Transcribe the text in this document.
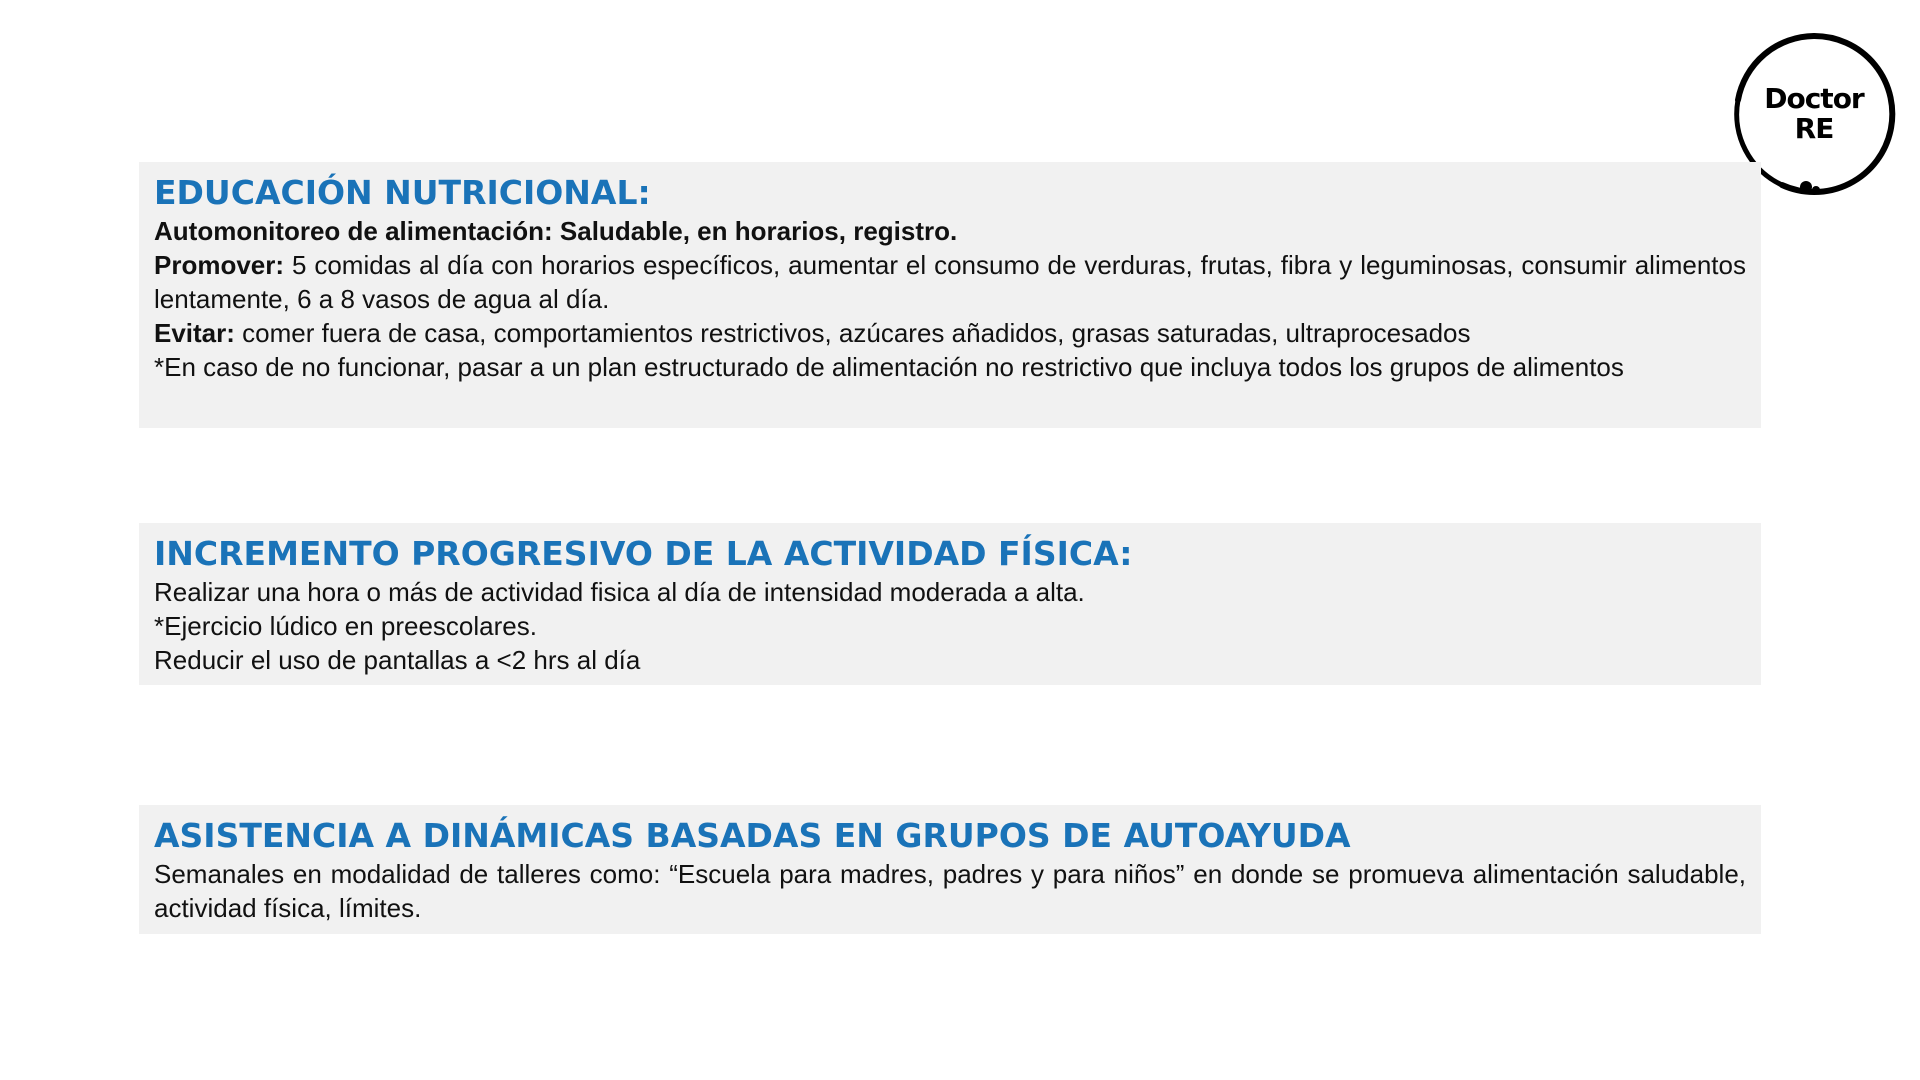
Doctor
RE
EDUCACIÓN NUTRICIONAL:

Automonitoreo de alimentación: Saludable, en horarios, registro.

Promover: 5 comidas al día con horarios específicos, aumentar el consumo de verduras, frutas, fibra y leguminosas, consumir alimentos lentamente, 6 a 8 vasos de agua al día.

Evitar: comer fuera de casa, comportamientos restrictivos, azúcares añadidos, grasas saturadas, ultraprocesados

*En caso de no funcionar, pasar a un plan estructurado de alimentación no restrictivo que incluya todos los grupos de alimentos

INCREMENTO PROGRESIVO DE LA ACTIVIDAD FÍSICA:

Realizar una hora o más de actividad fisica al día de intensidad moderada a alta.

*Ejercicio lúdico en preescolares.

Reducir el uso de pantallas a <2 hrs al día

ASISTENCIA A DINÁMICAS BASADAS EN GRUPOS DE AUTOAYUDA

Semanales en modalidad de talleres como: “Escuela para madres, padres y para niños” en donde se promueva alimentación saludable, actividad física, límites.
